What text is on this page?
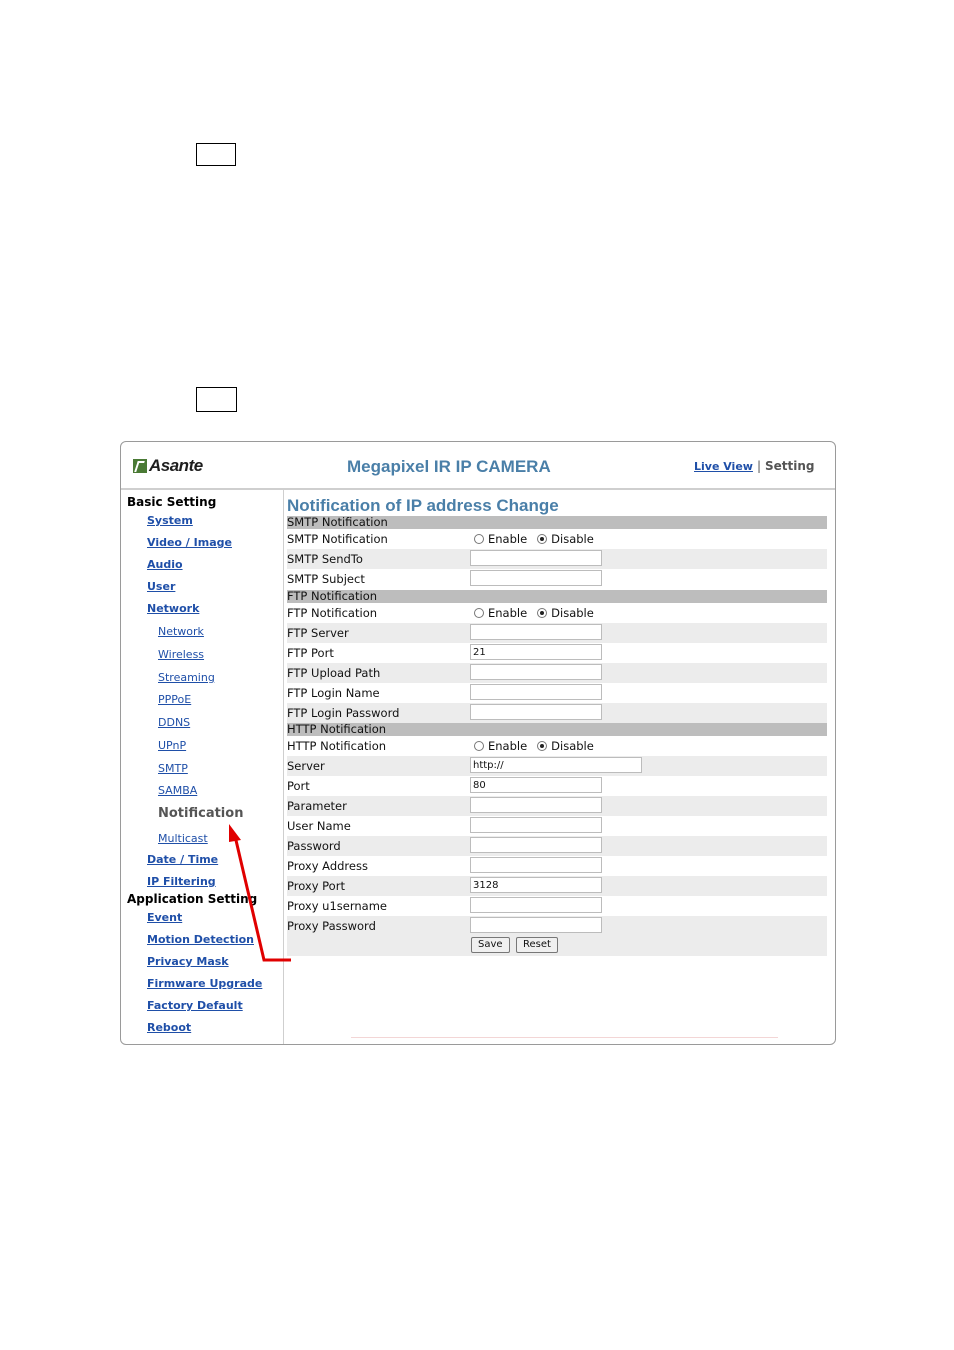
Asante	Megapixel IR IP CAMERA	Live View | Setting
Basic Setting
System
Video / Image
Audio
User
Network
Network
Wireless
Streaming
PPPoE
DDNS
UPnP
SMTP
SAMBA
Notification
Multicast
Date / Time
IP Filtering
Application Setting
Event
Motion Detection
Privacy Mask
Firmware Upgrade
Factory Default
Reboot
Notification of IP address Change
SMTP Notification
SMTP Notification	Enable Disable
SMTP SendTo
SMTP Subject
FTP Notification
FTP Notification	Enable Disable
FTP Server
FTP Port	21
FTP Upload Path
FTP Login Name
FTP Login Password
HTTP Notification
HTTP Notification	Enable Disable
Server	http://
Port	80
Parameter
User Name
Password
Proxy Address
Proxy Port	3128
Proxy u1sername
Proxy Password
Save	Reset
